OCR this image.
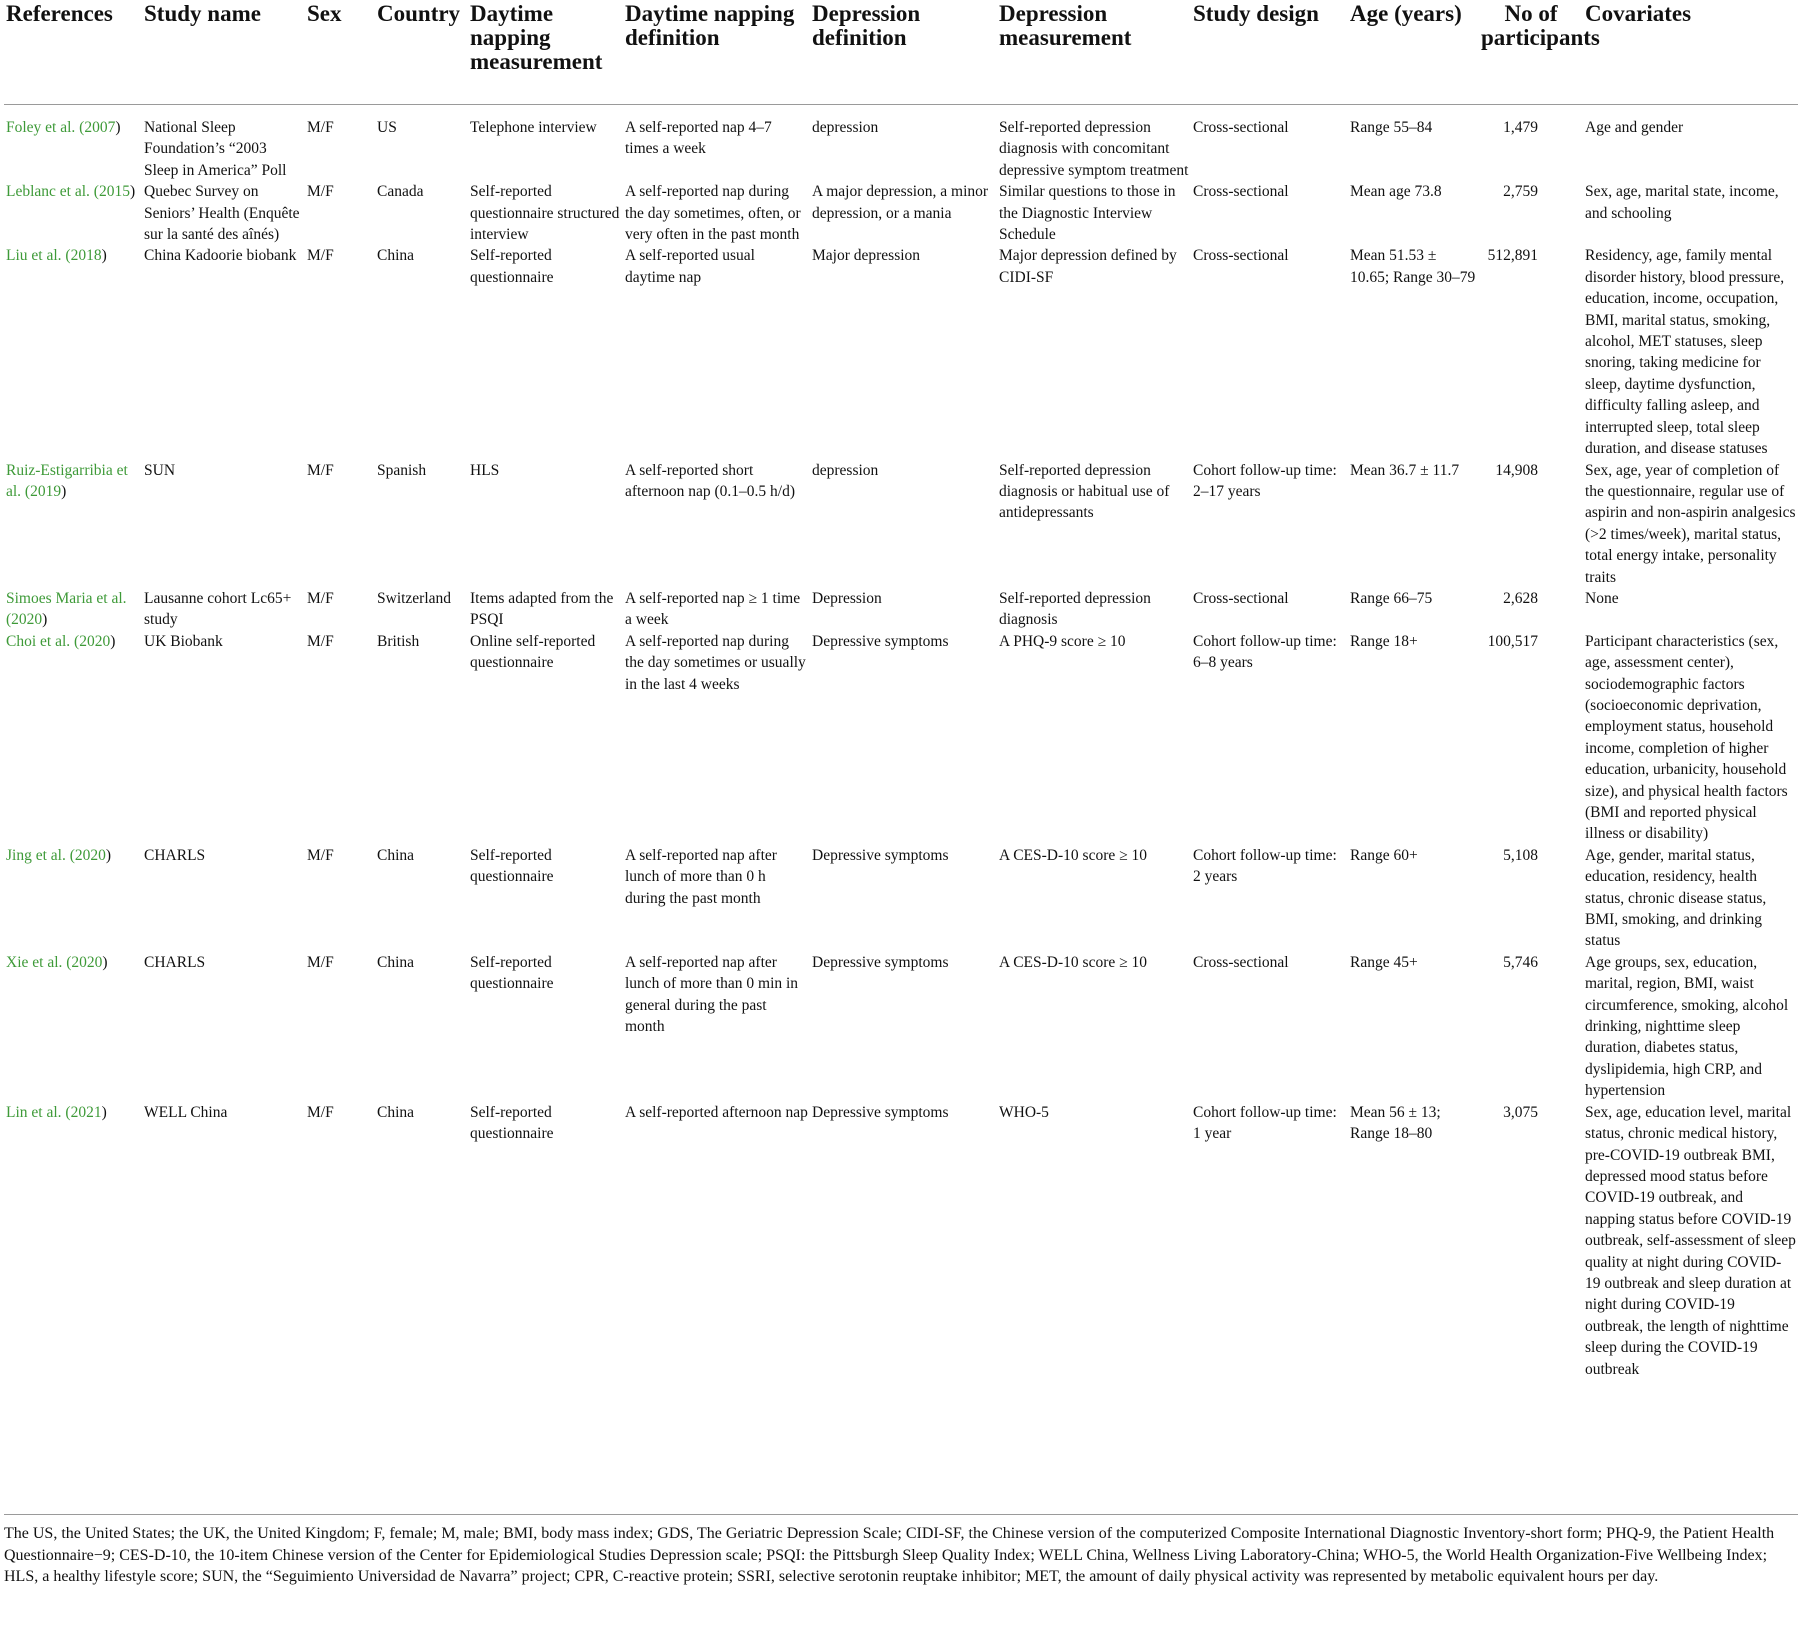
References	Study name	Sex	Country	Daytime napping measurement	Daytime napping definition	Depression definition	Depression measurement	Study design	Age (years)	No of participants	Covariates
Foley et al. (2007)	National Sleep Foundation’s “2003 Sleep in America” Poll	M/F	US	Telephone interview	A self-reported nap 4–7 times a week	depression	Self-reported depression diagnosis with concomitant depressive symptom treatment	Cross-sectional	Range 55–84	1,479	Age and gender
Leblanc et al. (2015)	Quebec Survey on Seniors’ Health (Enquête sur la santé des aînés)	M/F	Canada	Self-reported questionnaire structured interview	A self-reported nap during the day sometimes, often, or very often in the past month	A major depression, a minor depression, or a mania	Similar questions to those in the Diagnostic Interview Schedule	Cross-sectional	Mean age 73.8	2,759	Sex, age, marital state, income, and schooling
Liu et al. (2018)	China Kadoorie biobank	M/F	China	Self-reported questionnaire	A self-reported usual daytime nap	Major depression	Major depression defined by CIDI-SF	Cross-sectional	Mean 51.53 ± 10.65; Range 30–79	512,891	Residency, age, family mental disorder history, blood pressure, education, income, occupation, BMI, marital status, smoking, alcohol, MET statuses, sleep snoring, taking medicine for sleep, daytime dysfunction, difficulty falling asleep, and interrupted sleep, total sleep duration, and disease statuses
Ruiz-Estigarribia et al. (2019)	SUN	M/F	Spanish	HLS	A self-reported short afternoon nap (0.1–0.5 h/d)	depression	Self-reported depression diagnosis or habitual use of antidepressants	Cohort follow-up time: 2–17 years	Mean 36.7 ± 11.7	14,908	Sex, age, year of completion of the questionnaire, regular use of aspirin and non-aspirin analgesics (>2 times/week), marital status, total energy intake, personality traits
Simoes Maria et al. (2020)	Lausanne cohort Lc65+ study	M/F	Switzerland	Items adapted from the PSQI	A self-reported nap ≥ 1 time a week	Depression	Self-reported depression diagnosis	Cross-sectional	Range 66–75	2,628	None
Choi et al. (2020)	UK Biobank	M/F	British	Online self-reported questionnaire	A self-reported nap during the day sometimes or usually in the last 4 weeks	Depressive symptoms	A PHQ-9 score ≥ 10	Cohort follow-up time: 6–8 years	Range 18+	100,517	Participant characteristics (sex, age, assessment center), sociodemographic factors (socioeconomic deprivation, employment status, household income, completion of higher education, urbanicity, household size), and physical health factors (BMI and reported physical illness or disability)
Jing et al. (2020)	CHARLS	M/F	China	Self-reported questionnaire	A self-reported nap after lunch of more than 0 h during the past month	Depressive symptoms	A CES-D-10 score ≥ 10	Cohort follow-up time: 2 years	Range 60+	5,108	Age, gender, marital status, education, residency, health status, chronic disease status, BMI, smoking, and drinking status
Xie et al. (2020)	CHARLS	M/F	China	Self-reported questionnaire	A self-reported nap after lunch of more than 0 min in general during the past month	Depressive symptoms	A CES-D-10 score ≥ 10	Cross-sectional	Range 45+	5,746	Age groups, sex, education, marital, region, BMI, waist circumference, smoking, alcohol drinking, nighttime sleep duration, diabetes status, dyslipidemia, high CRP, and hypertension
Lin et al. (2021)	WELL China	M/F	China	Self-reported questionnaire	A self-reported afternoon nap	Depressive symptoms	WHO-5	Cohort follow-up time: 1 year	Mean 56 ± 13; Range 18–80	3,075	Sex, age, education level, marital status, chronic medical history, pre-COVID-19 outbreak BMI, depressed mood status before COVID-19 outbreak, and napping status before COVID-19 outbreak, self-assessment of sleep quality at night during COVID-19 outbreak and sleep duration at night during COVID-19 outbreak, the length of nighttime sleep during the COVID-19 outbreak
The US, the United States; the UK, the United Kingdom; F, female; M, male; BMI, body mass index; GDS, The Geriatric Depression Scale; CIDI-SF, the Chinese version of the computerized Composite International Diagnostic Inventory-short form; PHQ-9, the Patient Health Questionnaire−9; CES-D-10, the 10-item Chinese version of the Center for Epidemiological Studies Depression scale; PSQI: the Pittsburgh Sleep Quality Index; WELL China, Wellness Living Laboratory-China; WHO-5, the World Health Organization-Five Wellbeing Index; HLS, a healthy lifestyle score; SUN, the “Seguimiento Universidad de Navarra” project; CPR, C-reactive protein; SSRI, selective serotonin reuptake inhibitor; MET, the amount of daily physical activity was represented by metabolic equivalent hours per day.
